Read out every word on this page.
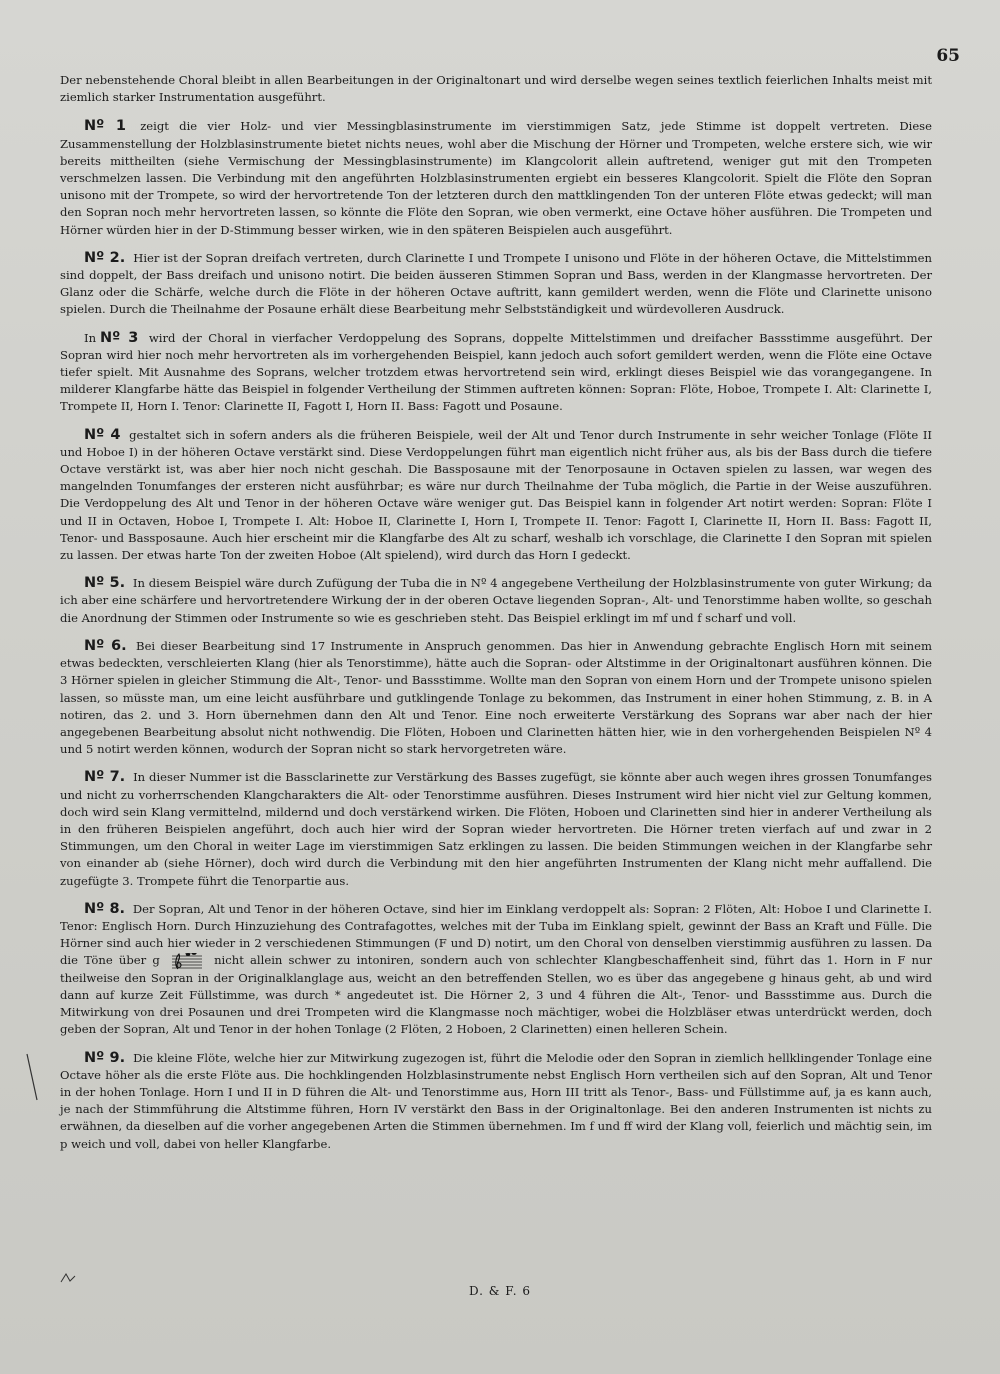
65

Der nebenstehende Choral bleibt in allen Bearbeitungen in der Originaltonart und wird derselbe wegen seines textlich feierlichen Inhalts meist mit ziemlich starker Instrumentation ausgeführt.

Nº 1 zeigt die vier Holz- und vier Messingblasinstrumente im vierstimmigen Satz, jede Stimme ist doppelt vertreten. Diese Zusammenstellung der Holzblasinstrumente bietet nichts neues, wohl aber die Mischung der Hörner und Trompeten, welche erstere sich, wie wir bereits mittheilten (siehe Vermischung der Messingblasinstrumente) im Klangcolorit allein auftretend, weniger gut mit den Trompeten verschmelzen lassen. Die Verbindung mit den angeführten Holzblasinstrumenten ergiebt ein besseres Klangcolorit. Spielt die Flöte den Sopran unisono mit der Trompete, so wird der hervortretende Ton der letzteren durch den mattklingenden Ton der unteren Flöte etwas gedeckt; will man den Sopran noch mehr hervortreten lassen, so könnte die Flöte den Sopran, wie oben vermerkt, eine Octave höher ausführen. Die Trompeten und Hörner würden hier in der D-Stimmung besser wirken, wie in den späteren Beispielen auch ausgeführt.

Nº 2. Hier ist der Sopran dreifach vertreten, durch Clarinette I und Trompete I unisono und Flöte in der höheren Octave, die Mittelstimmen sind doppelt, der Bass dreifach und unisono notirt. Die beiden äusseren Stimmen Sopran und Bass, werden in der Klangmasse hervortreten. Der Glanz oder die Schärfe, welche durch die Flöte in der höheren Octave auftritt, kann gemildert werden, wenn die Flöte und Clarinette unisono spielen. Durch die Theilnahme der Posaune erhält diese Bearbeitung mehr Selbstständigkeit und würdevolleren Ausdruck.

In Nº 3 wird der Choral in vierfacher Verdoppelung des Soprans, doppelte Mittelstimmen und dreifacher Bassstimme ausgeführt. Der Sopran wird hier noch mehr hervortreten als im vorhergehenden Beispiel, kann jedoch auch sofort gemildert werden, wenn die Flöte eine Octave tiefer spielt. Mit Ausnahme des Soprans, welcher trotzdem etwas hervortretend sein wird, erklingt dieses Beispiel wie das vorangegangene. In milderer Klangfarbe hätte das Beispiel in folgender Vertheilung der Stimmen auftreten können: Sopran: Flöte, Hoboe, Trompete I. Alt: Clarinette I, Trompete II, Horn I. Tenor: Clarinette II, Fagott I, Horn II. Bass: Fagott und Posaune.

Nº 4 gestaltet sich in sofern anders als die früheren Beispiele, weil der Alt und Tenor durch Instrumente in sehr weicher Tonlage (Flöte II und Hoboe I) in der höheren Octave verstärkt sind. Diese Verdoppelungen führt man eigentlich nicht früher aus, als bis der Bass durch die tiefere Octave verstärkt ist, was aber hier noch nicht geschah. Die Bassposaune mit der Tenorposaune in Octaven spielen zu lassen, war wegen des mangelnden Tonumfanges der ersteren nicht ausführbar; es wäre nur durch Theilnahme der Tuba möglich, die Partie in der Weise auszuführen. Die Verdoppelung des Alt und Tenor in der höheren Octave wäre weniger gut. Das Beispiel kann in folgender Art notirt werden: Sopran: Flöte I und II in Octaven, Hoboe I, Trompete I. Alt: Hoboe II, Clarinette I, Horn I, Trompete II. Tenor: Fagott I, Clarinette II, Horn II. Bass: Fagott II, Tenor- und Bassposaune. Auch hier erscheint mir die Klangfarbe des Alt zu scharf, weshalb ich vorschlage, die Clarinette I den Sopran mit spielen zu lassen. Der etwas harte Ton der zweiten Hoboe (Alt spielend), wird durch das Horn I gedeckt.

Nº 5. In diesem Beispiel wäre durch Zufügung der Tuba die in Nº 4 angegebene Vertheilung der Holzblasinstrumente von guter Wirkung; da ich aber eine schärfere und hervortretendere Wirkung der in der oberen Octave liegenden Sopran-, Alt- und Tenorstimme haben wollte, so geschah die Anordnung der Stimmen oder Instrumente so wie es geschrieben steht. Das Beispiel erklingt im mf und f scharf und voll.

Nº 6. Bei dieser Bearbeitung sind 17 Instrumente in Anspruch genommen. Das hier in Anwendung gebrachte Englisch Horn mit seinem etwas bedeckten, verschleierten Klang (hier als Tenorstimme), hätte auch die Sopran- oder Altstimme in der Originaltonart ausführen können. Die 3 Hörner spielen in gleicher Stimmung die Alt-, Tenor- und Bassstimme. Wollte man den Sopran von einem Horn und der Trompete unisono spielen lassen, so müsste man, um eine leicht ausführbare und gutklingende Tonlage zu bekommen, das Instrument in einer hohen Stimmung, z. B. in A notiren, das 2. und 3. Horn übernehmen dann den Alt und Tenor. Eine noch erweiterte Verstärkung des Soprans war aber nach der hier angegebenen Bearbeitung absolut nicht nothwendig. Die Flöten, Hoboen und Clarinetten hätten hier, wie in den vorhergehenden Beispielen Nº 4 und 5 notirt werden können, wodurch der Sopran nicht so stark hervorgetreten wäre.

Nº 7. In dieser Nummer ist die Bassclarinette zur Verstärkung des Basses zugefügt, sie könnte aber auch wegen ihres grossen Tonumfanges und nicht zu vorherrschenden Klangcharakters die Alt- oder Tenorstimme ausführen. Dieses Instrument wird hier nicht viel zur Geltung kommen, doch wird sein Klang vermittelnd, mildernd und doch verstärkend wirken. Die Flöten, Hoboen und Clarinetten sind hier in anderer Vertheilung als in den früheren Beispielen angeführt, doch auch hier wird der Sopran wieder hervortreten. Die Hörner treten vierfach auf und zwar in 2 Stimmungen, um den Choral in weiter Lage im vierstimmigen Satz erklingen zu lassen. Die beiden Stimmungen weichen in der Klangfarbe sehr von einander ab (siehe Hörner), doch wird durch die Verbindung mit den hier angeführten Instrumenten der Klang nicht mehr auffallend. Die zugefügte 3. Trompete führt die Tenorpartie aus.

Nº 8. Der Sopran, Alt und Tenor in der höheren Octave, sind hier im Einklang verdoppelt als: Sopran: 2 Flöten, Alt: Hoboe I und Clarinette I. Tenor: Englisch Horn. Durch Hinzuziehung des Contrafagottes, welches mit der Tuba im Einklang spielt, gewinnt der Bass an Kraft und Fülle. Die Hörner sind auch hier wieder in 2 verschiedenen Stimmungen (F und D) notirt, um den Choral von denselben vierstimmig ausführen zu lassen. Da die Töne über g	nicht allein schwer zu intoniren, sondern auch von schlechter Klangbeschaffenheit sind, führt das 1. Horn in F nur theilweise den Sopran in der Originalklanglage aus, weicht an den betreffenden Stellen, wo es über das angegebene g hinaus geht, ab und wird dann auf kurze Zeit Füllstimme, was durch * angedeutet ist. Die Hörner 2, 3 und 4 führen die Alt-, Tenor- und Bassstimme aus. Durch die Mitwirkung von drei Posaunen und drei Trompeten wird die Klangmasse noch mächtiger, wobei die Holzbläser etwas unterdrückt werden, doch geben der Sopran, Alt und Tenor in der hohen Tonlage (2 Flöten, 2 Hoboen, 2 Clarinetten) einen helleren Schein.

Nº 9. Die kleine Flöte, welche hier zur Mitwirkung zugezogen ist, führt die Melodie oder den Sopran in ziemlich hellklingender Tonlage eine Octave höher als die erste Flöte aus. Die hochklingenden Holzblasinstrumente nebst Englisch Horn vertheilen sich auf den Sopran, Alt und Tenor in der hohen Tonlage. Horn I und II in D führen die Alt- und Tenorstimme aus, Horn III tritt als Tenor-, Bass- und Füllstimme auf, ja es kann auch, je nach der Stimmführung die Altstimme führen, Horn IV verstärkt den Bass in der Originaltonlage. Bei den anderen Instrumenten ist nichts zu erwähnen, da dieselben auf die vorher angegebenen Arten die Stimmen übernehmen. Im f und ff wird der Klang voll, feierlich und mächtig sein, im p weich und voll, dabei von heller Klangfarbe.

D. & F. 6
